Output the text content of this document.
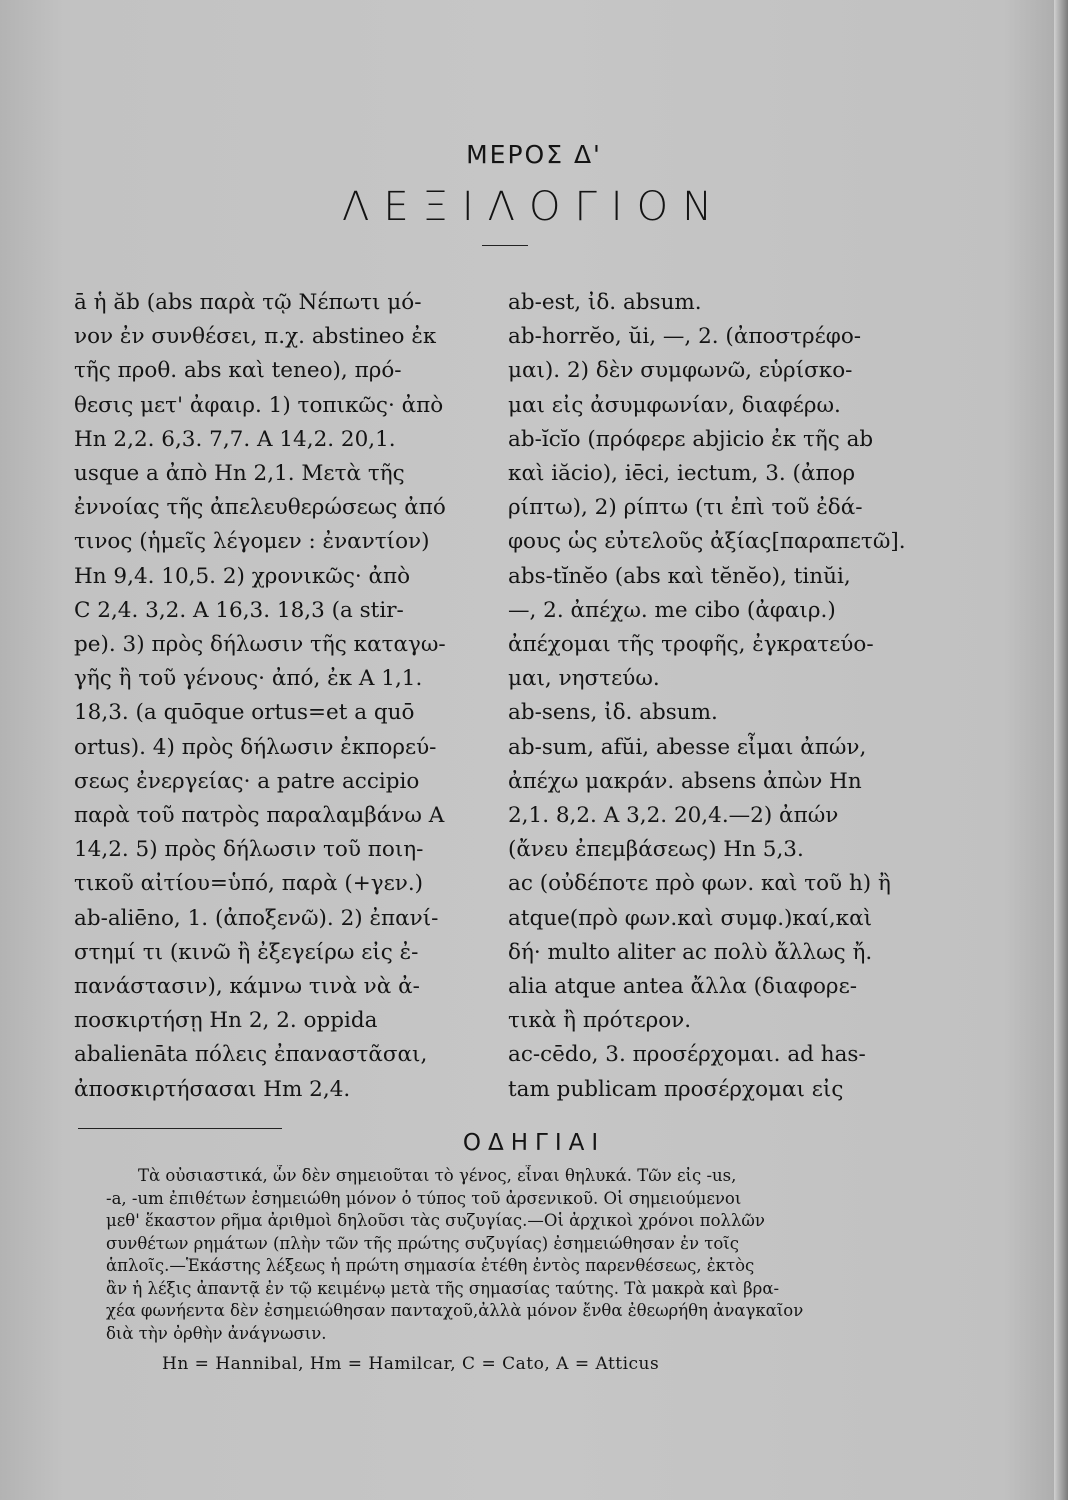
ΜΕΡΟΣ Δ'
ΛΕΞΙΛΟΓΙΟΝ
ā ἡ ăb (abs παρὰ τῷ Νέπωτι μό-
νον ἐν συνθέσει, π.χ. abstineo ἐκ
τῆς προθ. abs καὶ teneo), πρό-
θεσις μετ' ἀφαιρ. 1) τοπικῶς· ἀπὸ
Hn 2,2. 6,3. 7,7. A 14,2. 20,1.
usque a ἀπὸ Hn 2,1. Μετὰ τῆς
ἐννοίας τῆς ἀπελευθερώσεως ἀπό
τινος (ἡμεῖς λέγομεν : ἐναντίον)
Hn 9,4. 10,5. 2) χρονικῶς· ἀπὸ
C 2,4. 3,2. A 16,3. 18,3 (a stir-
pe). 3) πρὸς δήλωσιν τῆς καταγω-
γῆς ἢ τοῦ γένους· ἀπό, ἐκ A 1,1.
18,3. (a quōque ortus=et a quō
ortus). 4) πρὸς δήλωσιν ἐκπορεύ-
σεως ἐνεργείας· a patre accipio
παρὰ τοῦ πατρὸς παραλαμβάνω A
14,2. 5) πρὸς δήλωσιν τοῦ ποιη-
τικοῦ αἰτίου=ὑπό, παρὰ (+γεν.)
ab-aliēno, 1. (ἀποξενῶ). 2) ἐπανί-
στημί τι (κινῶ ἢ ἐξεγείρω εἰς ἐ-
πανάστασιν), κάμνω τινὰ νὰ ἀ-
ποσκιρτήσῃ Hn 2, 2. oppida
abalienāta πόλεις ἐπαναστᾶσαι,
ἀποσκιρτήσασαι Hm 2,4.
ab-est, ἰδ. absum.
ab-horrĕo, ŭi, —, 2. (ἀποστρέφο-
μαι). 2) δὲν συμφωνῶ, εὑρίσκο-
μαι εἰς ἀσυμφωνίαν, διαφέρω.
ab-ĭcĭo (πρόφερε abjicio ἐκ τῆς ab
καὶ iăcio), iēci, iectum, 3. (ἀπορ
ρίπτω), 2) ρίπτω (τι ἐπὶ τοῦ ἐδά-
φους ὡς εὐτελοῦς ἀξίας[παραπετῶ].
abs-tĭnĕo (abs καὶ tĕnĕo), tinŭi,
—, 2. ἀπέχω. me cibo (ἀφαιρ.)
ἀπέχομαι τῆς τροφῆς, ἐγκρατεύο-
μαι, νηστεύω.
ab-sens, ἰδ. absum.
ab-sum, afŭi, abesse εἶμαι ἀπών,
ἀπέχω μακράν. absens ἀπὼν Hn
2,1. 8,2. A 3,2. 20,4.—2) ἀπών
(ἄνευ ἐπεμβάσεως) Hn 5,3.
ac (οὐδέποτε πρὸ φων. καὶ τοῦ h) ἢ
atque(πρὸ φων.καὶ συμφ.)καί,καὶ
δή· multo aliter ac πολὺ ἄλλως ἤ.
alia atque antea ἄλλα (διαφορε-
τικὰ ἢ πρότερον.
ac-cēdo, 3. προσέρχομαι. ad has-
tam publicam προσέρχομαι εἰς
ΟΔΗΓΙΑΙ
Τὰ οὐσιαστικά, ὧν δὲν σημειοῦται τὸ γένος, εἶναι θηλυκά. Τῶν εἰς -us,
-a, -um ἐπιθέτων ἐσημειώθη μόνον ὁ τύπος τοῦ ἀρσενικοῦ. Οἱ σημειούμενοι
μεθ' ἕκαστον ρῆμα ἀριθμοὶ δηλοῦσι τὰς συζυγίας.—Οἱ ἀρχικοὶ χρόνοι πολλῶν
συνθέτων ρημάτων (πλὴν τῶν τῆς πρώτης συζυγίας) ἐσημειώθησαν ἐν τοῖς
ἁπλοῖς.—Ἑκάστης λέξεως ἡ πρώτη σημασία ἐτέθη ἐντὸς παρενθέσεως, ἐκτὸς
ἂν ἡ λέξις ἀπαντᾷ ἐν τῷ κειμένῳ μετὰ τῆς σημασίας ταύτης. Τὰ μακρὰ καὶ βρα-
χέα φωνήεντα δὲν ἐσημειώθησαν πανταχοῦ,ἀλλὰ μόνον ἔνθα ἐθεωρήθη ἀναγκαῖον
διὰ τὴν ὀρθὴν ἀνάγνωσιν.
Hn = Hannibal, Hm = Hamilcar, C = Cato, A = Atticus
